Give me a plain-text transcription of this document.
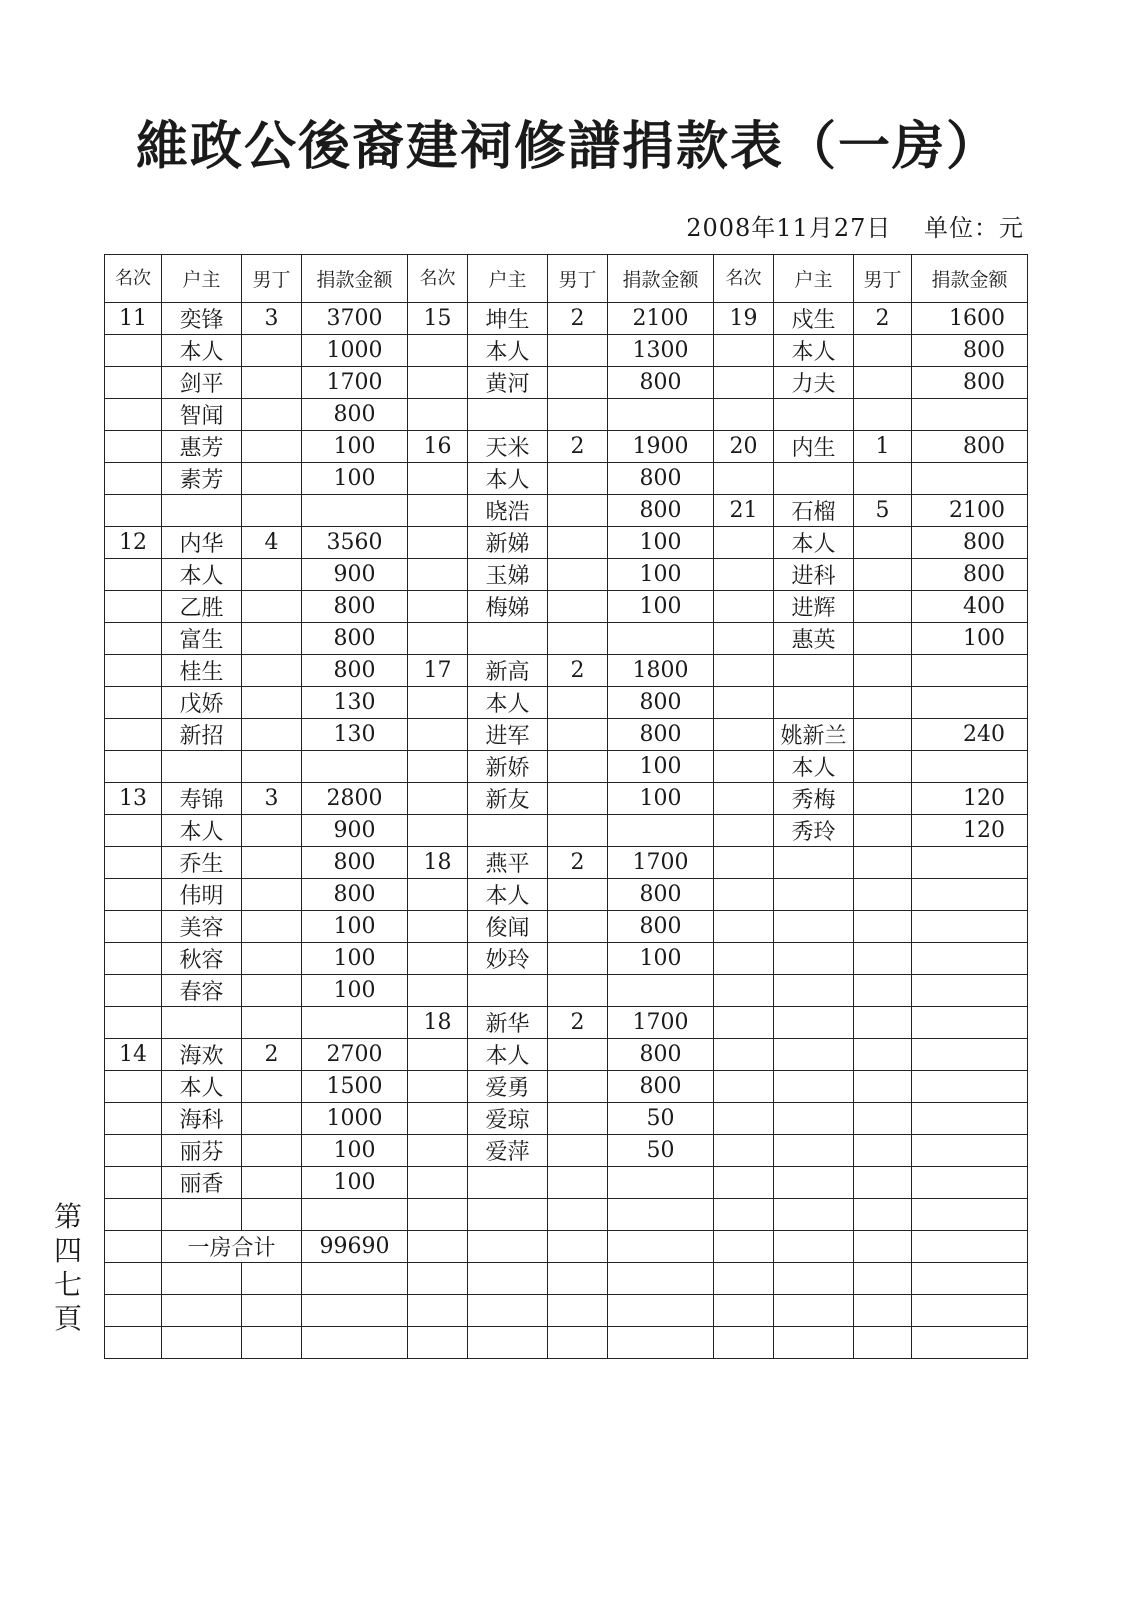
維政公後裔建祠修譜捐款表（一房）
2008年11月27日 单位：元
第四七頁
名次	户主	男丁	捐款金额	名次	户主	男丁	捐款金额	名次	户主	男丁	捐款金额
11	奕锋	3	3700	15	坤生	2	2100	19	戍生	2	1600
	本人		1000		本人		1300		本人		800
	剑平		1700		黄河		800		力夫		800
	智闻		800								
	惠芳		100	16	天米	2	1900	20	内生	1	800
	素芳		100		本人		800				
					晓浩		800	21	石榴	5	2100
12	内华	4	3560		新娣		100		本人		800
	本人		900		玉娣		100		进科		800
	乙胜		800		梅娣		100		进辉		400
	富生		800						惠英		100
	桂生		800	17	新高	2	1800				
	戊娇		130		本人		800				
	新招		130		进军		800		姚新兰		240
					新娇		100		本人		
13	寿锦	3	2800		新友		100		秀梅		120
	本人		900						秀玲		120
	乔生		800	18	燕平	2	1700				
	伟明		800		本人		800				
	美容		100		俊闻		800				
	秋容		100		妙玲		100				
	春容		100								
				18	新华	2	1700				
14	海欢	2	2700		本人		800				
	本人		1500		爱勇		800				
	海科		1000		爱琼		50				
	丽芬		100		爱萍		50				
	丽香		100								

	一房合计		99690								
